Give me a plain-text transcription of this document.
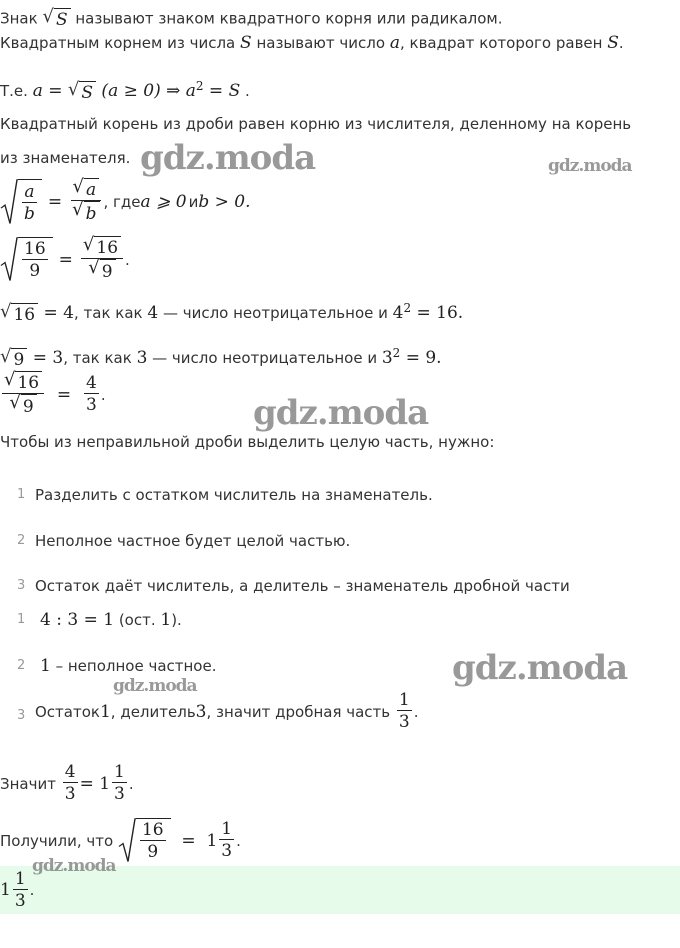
Знак √ S называют знаком квадратного корня или радикалом.
Квадратным корнем из числа S называют число a, квадрат которого равен S.
Т.е. a = √ S (a ≥ 0) ⇒ $a^2 = S$ .
Квадратный корень из дроби равен корню из числителя, деленному на корень
из знаменателя.
$\frac{a}{b} = \frac{√ a}{√ b}$ , где a ⩾ 0 и b > 0.
$\frac{16}{9} = \frac{√ 16}{√ 9}$ .
√ 16 = 4, так как 4 — число неотрицательное и $4^2 = 16$.
√ 9 = 3, так как 3 — число неотрицательное и $3^2 = 9$.
$\frac{√ 16}{√ 9} = \frac{4}{3}$ .
Чтобы из неправильной дроби выделить целую часть, нужно:
1 Разделить с остатком числитель на знаменатель.
2 Неполное частное будет целой частью.
3 Остаток даёт числитель, а делитель – знаменатель дробной части
1 4 : 3 = 1 (ост. 1).
2 1 – неполное частное.
3 Остаток 1 , делитель 3 , значит дробная часть $\frac{1}{3}$ .
Значит $\frac{4}{3} = 1 \frac{1}{3}$ .
Получили, что $\frac{16}{9} = 1 \frac{1}{3}$ .
$1 \frac{1}{3}$ .
gdz.moda	gdz.moda
gdz.moda
gdz.moda
gdz.moda
gdz.moda
